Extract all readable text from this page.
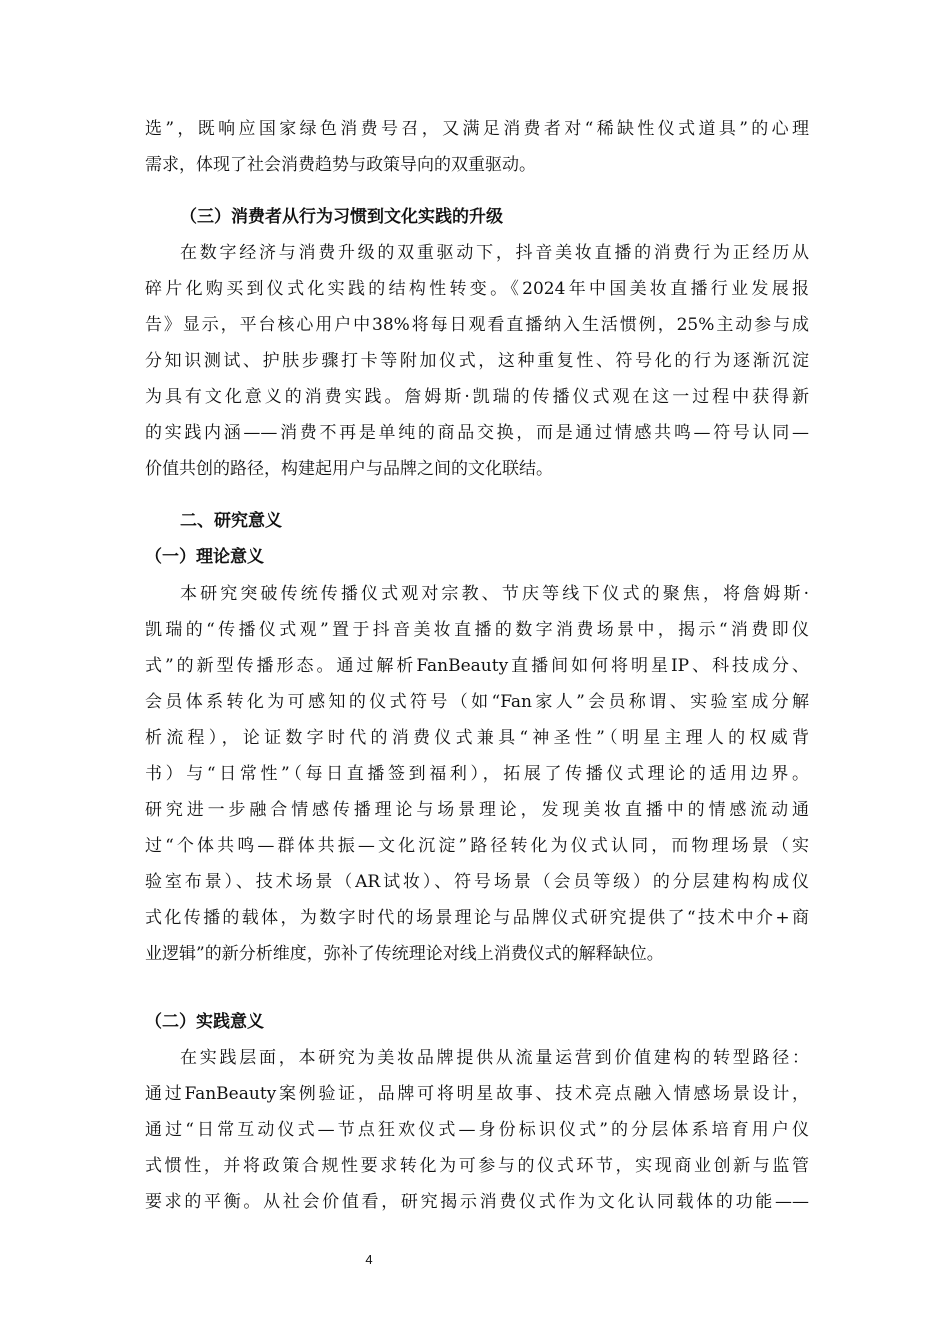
选”，既响应国家绿色消费号召，又满足消费者对“稀缺性仪式道具”的心理
需求，体现了社会消费趋势与政策导向的双重驱动。
（三）消费者从行为习惯到文化实践的升级
在数字经济与消费升级的双重驱动下，抖音美妆直播的消费行为正经历从
碎片化购买到仪式化实践的结构性转变。《2024年中国美妆直播行业发展报
告》显示，平台核心用户中38%将每日观看直播纳入生活惯例，25%主动参与成
分知识测试、护肤步骤打卡等附加仪式，这种重复性、符号化的行为逐渐沉淀
为具有文化意义的消费实践。詹姆斯·凯瑞的传播仪式观在这一过程中获得新
的实践内涵——消费不再是单纯的商品交换，而是通过情感共鸣—符号认同—
价值共创的路径，构建起用户与品牌之间的文化联结。
二、研究意义
（一）理论意义
本研究突破传统传播仪式观对宗教、节庆等线下仪式的聚焦，将詹姆斯·
凯瑞的“传播仪式观”置于抖音美妆直播的数字消费场景中，揭示“消费即仪
式”的新型传播形态。通过解析FanBeauty直播间如何将明星IP、科技成分、
会员体系转化为可感知的仪式符号（如“Fan家人”会员称谓、实验室成分解
析流程），论证数字时代的消费仪式兼具“神圣性”（明星主理人的权威背
书）与“日常性”（每日直播签到福利），拓展了传播仪式理论的适用边界。
研究进一步融合情感传播理论与场景理论，发现美妆直播中的情感流动通
过“个体共鸣—群体共振—文化沉淀”路径转化为仪式认同，而物理场景（实
验室布景）、技术场景（AR试妆）、符号场景（会员等级）的分层建构构成仪
式化传播的载体，为数字时代的场景理论与品牌仪式研究提供了“技术中介+商
业逻辑”的新分析维度，弥补了传统理论对线上消费仪式的解释缺位。
（二）实践意义
在实践层面，本研究为美妆品牌提供从流量运营到价值建构的转型路径：
通过FanBeauty案例验证，品牌可将明星故事、技术亮点融入情感场景设计，
通过“日常互动仪式—节点狂欢仪式—身份标识仪式”的分层体系培育用户仪
式惯性，并将政策合规性要求转化为可参与的仪式环节，实现商业创新与监管
要求的平衡。从社会价值看，研究揭示消费仪式作为文化认同载体的功能——
4
